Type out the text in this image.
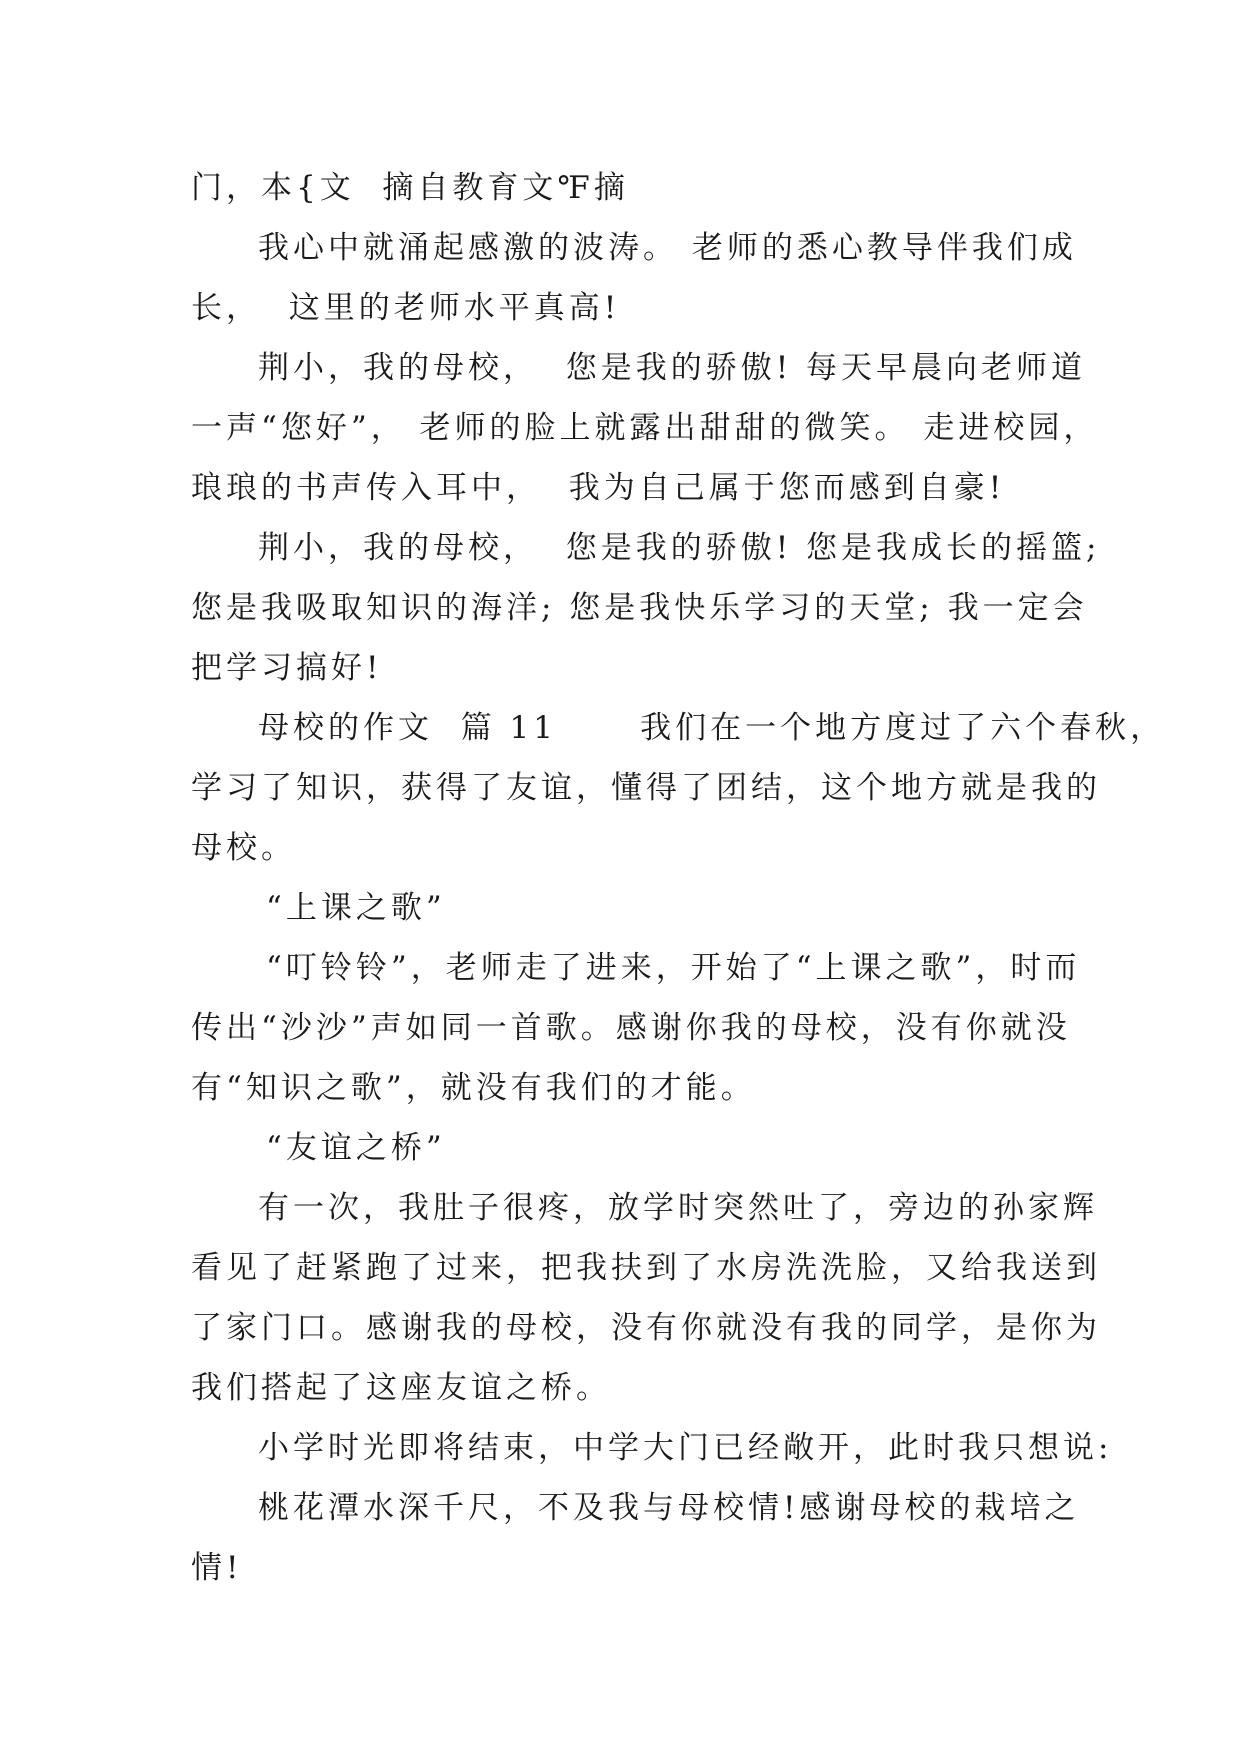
门，本{文  摘自教育文℉摘
我心中就涌起感激的波涛。 老师的悉心教导伴我们成
长，  这里的老师水平真高!
荆小，我的母校，  您是我的骄傲! 每天早晨向老师道
一声“您好”， 老师的脸上就露出甜甜的微笑。 走进校园，
琅琅的书声传入耳中，  我为自己属于您而感到自豪!
荆小，我的母校，  您是我的骄傲! 您是我成长的摇篮;
您是我吸取知识的海洋; 您是我快乐学习的天堂; 我一定会
把学习搞好!
母校的作文  篇 11      我们在一个地方度过了六个春秋，
学习了知识，获得了友谊，懂得了团结，这个地方就是我的
母校。
“上课之歌”
“叮铃铃”，老师走了进来，开始了“上课之歌”，时而
传出“沙沙”声如同一首歌。感谢你我的母校，没有你就没
有“知识之歌”，就没有我们的才能。
“友谊之桥”
有一次，我肚子很疼，放学时突然吐了，旁边的孙家辉
看见了赶紧跑了过来，把我扶到了水房洗洗脸，又给我送到
了家门口。感谢我的母校，没有你就没有我的同学，是你为
我们搭起了这座友谊之桥。
小学时光即将结束，中学大门已经敞开，此时我只想说:
桃花潭水深千尺，不及我与母校情!感谢母校的栽培之
情!
